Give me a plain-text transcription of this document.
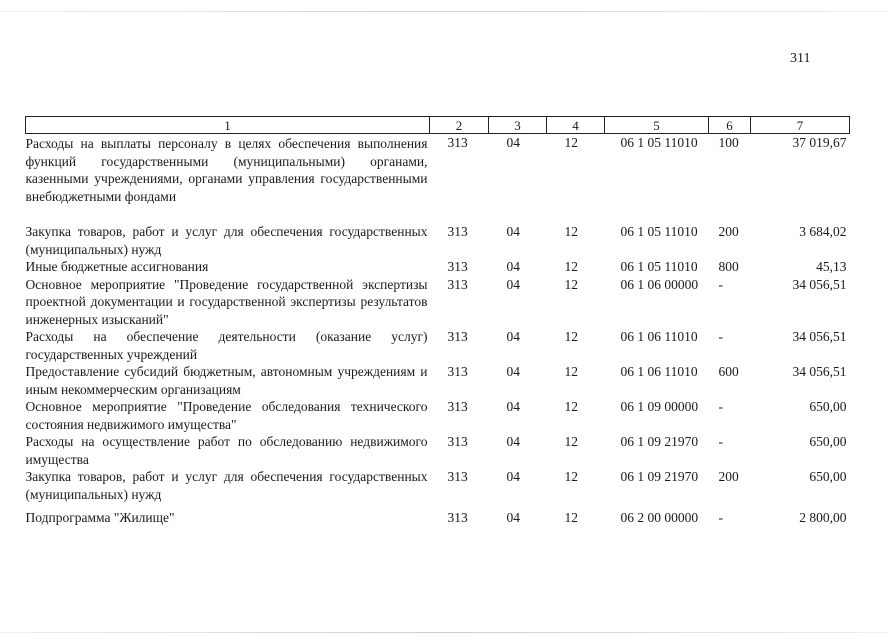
311
1	2	3	4	5	6	7
Расходы на выплаты персоналу в целях обеспечения выполнения функций государственными (муниципальными) органами, казенными учреждениями, органами управления государственными внебюджетными фондами	313	04	12	06 1 05 11010	100	37 019,67

Закупка товаров, работ и услуг для обеспечения государственных (муниципальных) нужд	313	04	12	06 1 05 11010	200	3 684,02
Иные бюджетные ассигнования	313	04	12	06 1 05 11010	800	45,13
Основное мероприятие "Проведение государственной экспертизы проектной документации и государственной экспертизы результатов инженерных изысканий"	313	04	12	06 1 06 00000	-	34 056,51
Расходы на обеспечение деятельности (оказание услуг) государственных учреждений	313	04	12	06 1 06 11010	-	34 056,51
Предоставление субсидий бюджетным, автономным учреждениям и иным некоммерческим организациям	313	04	12	06 1 06 11010	600	34 056,51
Основное мероприятие "Проведение обследования технического состояния недвижимого имущества"	313	04	12	06 1 09 00000	-	650,00
Расходы на осуществление работ по обследованию недвижимого имущества	313	04	12	06 1 09 21970	-	650,00
Закупка товаров, работ и услуг для обеспечения государственных (муниципальных) нужд	313	04	12	06 1 09 21970	200	650,00
Подпрограмма "Жилище"	313	04	12	06 2 00 00000	-	2 800,00
